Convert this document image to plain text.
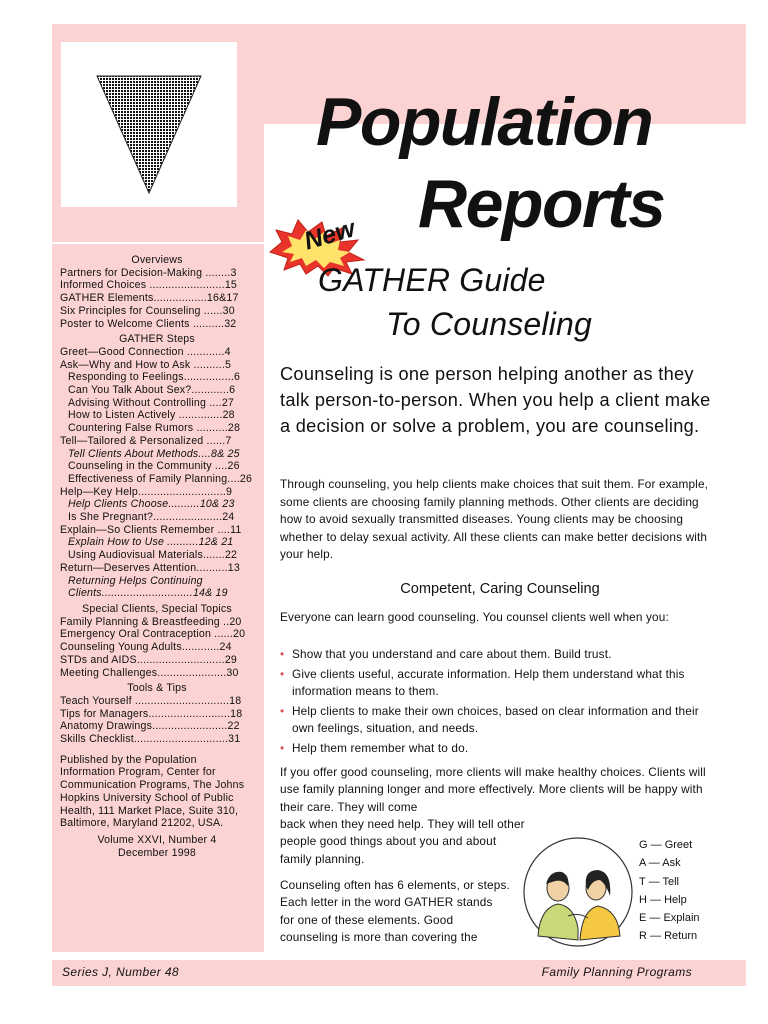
Overviews
Partners for Decision-Making ........3
Informed Choices ........................15
GATHER Elements.................16&17
Six Principles for Counseling ......30
Poster to Welcome Clients ..........32
GATHER Steps
Greet—Good Connection ............4
Ask—Why and How to Ask ..........5
Responding to Feelings................6
Can You Talk About Sex?............6
Advising Without Controlling ....27
How to Listen Actively ..............28
Countering False Rumors ..........28
Tell—Tailored & Personalized ......7
Tell Clients About Methods....8& 25
Counseling in the Community ....26
Effectiveness of Family Planning....26
Help—Key Help............................9
Help Clients Choose..........10& 23
Is She Pregnant?......................24
Explain—So Clients Remember ....11
Explain How to Use ..........12& 21
Using Audiovisual Materials.......22
Return—Deserves Attention..........13
Returning Helps Continuing
Clients.............................14& 19
Special Clients, Special Topics
Family Planning & Breastfeeding ..20
Emergency Oral Contraception ......20
Counseling Young Adults............24
STDs and AIDS............................29
Meeting Challenges......................30
Tools & Tips
Teach Yourself ..............................18
Tips for Managers..........................18
Anatomy Drawings........................22
Skills Checklist..............................31
Published by the Population Information Program, Center for Communication Programs, The Johns Hopkins University School of Public Health, 111 Market Place, Suite 310, Baltimore, Maryland 21202, USA.
Volume XXVI, Number 4
December 1998
Population
Reports
New
GATHER Guide
To Counseling
Counseling is one person helping another as they talk person-to-person. When you help a client make a decision or solve a problem, you are counseling.
Through counseling, you help clients make choices that suit them. For example, some clients are choosing family planning methods. Other clients are deciding how to avoid sexually transmitted diseases. Young clients may be choosing whether to delay sexual activity. All these clients can make better decisions with your help.
Competent, Caring Counseling
Everyone can learn good counseling. You counsel clients well when you:
• Show that you understand and care about them. Build trust.
• Give clients useful, accurate information. Help them understand what this information means to them.
• Help clients to make their own choices, based on clear information and their own feelings, situation, and needs.
• Help them remember what to do.
If you offer good counseling, more clients will make healthy choices. Clients will use family planning longer and more effectively. More clients will be happy with their care. They will come
back when they need help. They will tell other people good things about you and about family planning.
Counseling often has 6 elements, or steps. Each letter in the word GATHER stands for one of these elements. Good counseling is more than covering the
G — Greet
A — Ask
T — Tell
H — Help
E — Explain
R — Return
Series J, Number 48	Family Planning Programs
